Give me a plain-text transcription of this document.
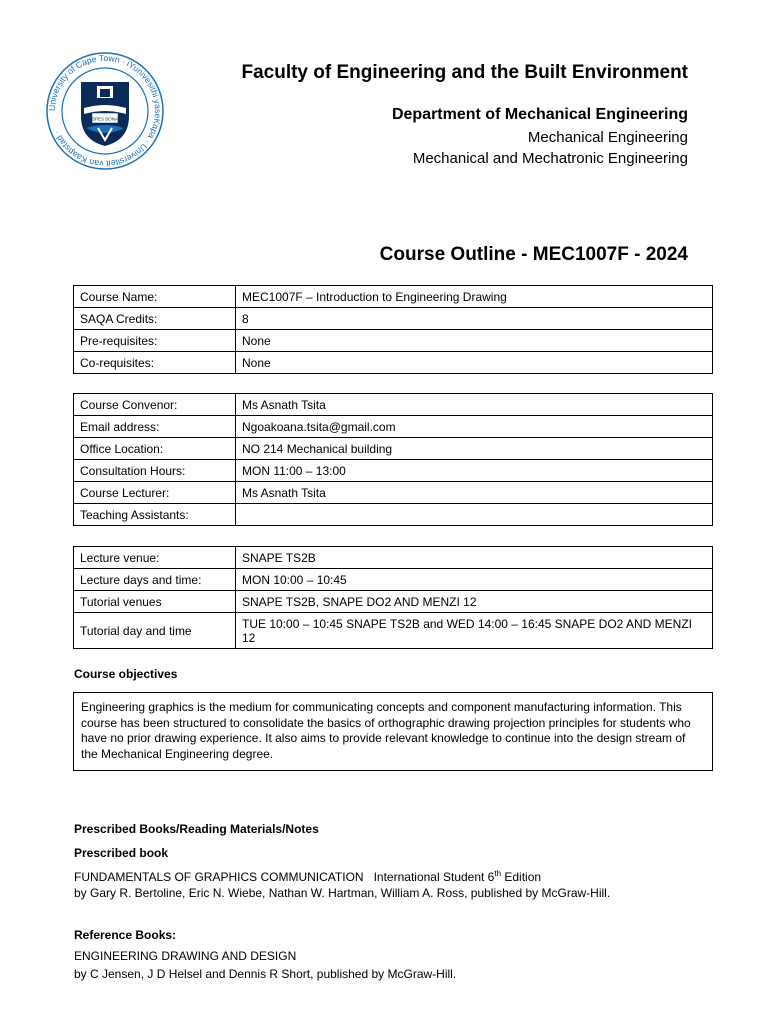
University of Cape Town · iYunivesithi yaseKapa · Universiteit van Kaapstad ·
SPES BONA
Faculty of Engineering and the Built Environment
Department of Mechanical Engineering
Mechanical Engineering
Mechanical and Mechatronic Engineering
Course Outline - MEC1007F - 2024
Course Name:	MEC1007F – Introduction to Engineering Drawing
SAQA Credits:	8
Pre-requisites:	None
Co-requisites:	None
Course Convenor:	Ms Asnath Tsita
Email address:	Ngoakoana.tsita@gmail.com
Office Location:	NO 214 Mechanical building
Consultation Hours:	MON 11:00 – 13:00
Course Lecturer:	Ms Asnath Tsita
Teaching Assistants:	
Lecture venue:	SNAPE TS2B
Lecture days and time:	MON 10:00 – 10:45
Tutorial venues	SNAPE TS2B, SNAPE DO2 AND MENZI 12
Tutorial day and time	TUE 10:00 – 10:45 SNAPE TS2B and WED 14:00 – 16:45 SNAPE DO2 AND MENZI 12
Course objectives
Engineering graphics is the medium for communicating concepts and component manufacturing information. This course has been structured to consolidate the basics of orthographic drawing projection principles for students who have no prior drawing experience. It also aims to provide relevant knowledge to continue into the design stream of the Mechanical Engineering degree.
Prescribed Books/Reading Materials/Notes
Prescribed book
FUNDAMENTALS OF GRAPHICS COMMUNICATION International Student 6th Edition
by Gary R. Bertoline, Eric N. Wiebe, Nathan W. Hartman, William A. Ross, published by McGraw-Hill.
Reference Books:
ENGINEERING DRAWING AND DESIGN
by C Jensen, J D Helsel and Dennis R Short, published by McGraw-Hill.
